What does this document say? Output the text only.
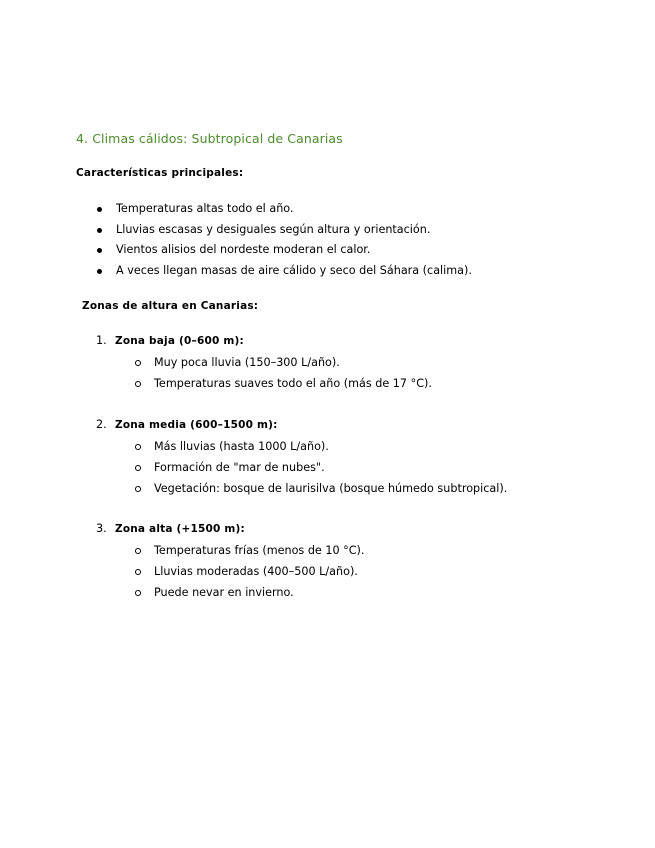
4. Climas cálidos: Subtropical de Canarias
Características principales:
Temperaturas altas todo el año.
Lluvias escasas y desiguales según altura y orientación.
Vientos alisios del nordeste moderan el calor.
A veces llegan masas de aire cálido y seco del Sáhara (calima).
Zonas de altura en Canarias:
1. Zona baja (0–600 m):
Muy poca lluvia (150–300 L/año).
Temperaturas suaves todo el año (más de 17 °C).
2. Zona media (600–1500 m):
Más lluvias (hasta 1000 L/año).
Formación de "mar de nubes".
Vegetación: bosque de laurisilva (bosque húmedo subtropical).
3. Zona alta (+1500 m):
Temperaturas frías (menos de 10 °C).
Lluvias moderadas (400–500 L/año).
Puede nevar en invierno.
